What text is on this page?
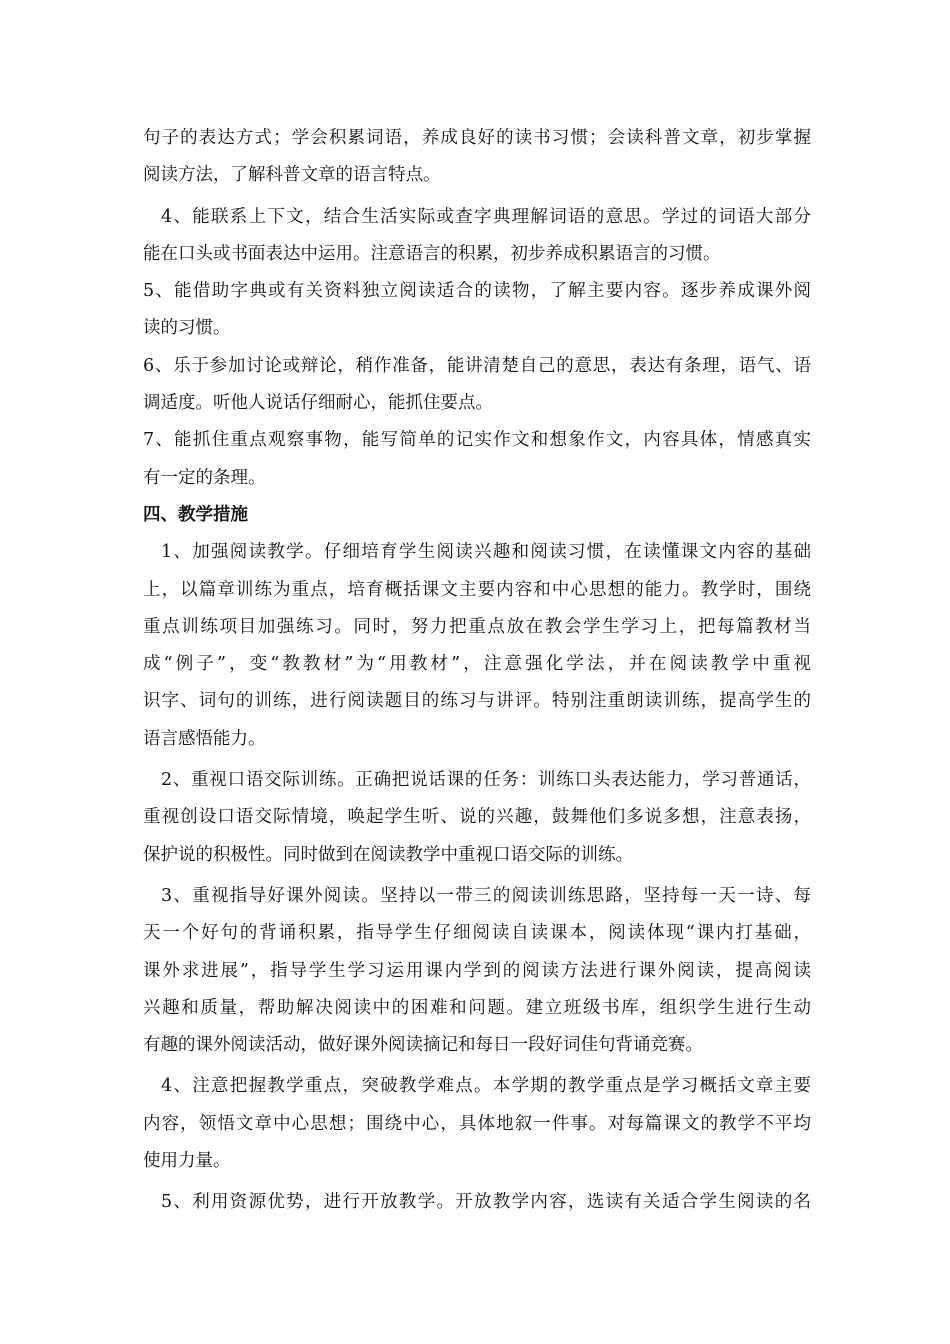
句子的表达方式；学会积累词语，养成良好的读书习惯；会读科普文章，初步掌握
阅读方法，了解科普文章的语言特点。
4、能联系上下文，结合生活实际或查字典理解词语的意思。学过的词语大部分
能在口头或书面表达中运用。注意语言的积累，初步养成积累语言的习惯。
5、能借助字典或有关资料独立阅读适合的读物，了解主要内容。逐步养成课外阅
读的习惯。
6、乐于参加讨论或辩论，稍作准备，能讲清楚自己的意思，表达有条理，语气、语
调适度。听他人说话仔细耐心，能抓住要点。
7、能抓住重点观察事物，能写简单的记实作文和想象作文，内容具体，情感真实
有一定的条理。
四、教学措施
1、加强阅读教学。仔细培育学生阅读兴趣和阅读习惯，在读懂课文内容的基础
上，以篇章训练为重点，培育概括课文主要内容和中心思想的能力。教学时，围绕
重点训练项目加强练习。同时，努力把重点放在教会学生学习上，把每篇教材当
成“例子”，变“教教材”为“用教材”，注意强化学法，并在阅读教学中重视
识字、词句的训练，进行阅读题目的练习与讲评。特别注重朗读训练，提高学生的
语言感悟能力。
2、重视口语交际训练。正确把说话课的任务：训练口头表达能力，学习普通话，
重视创设口语交际情境，唤起学生听、说的兴趣，鼓舞他们多说多想，注意表扬，
保护说的积极性。同时做到在阅读教学中重视口语交际的训练。
3、重视指导好课外阅读。坚持以一带三的阅读训练思路，坚持每一天一诗、每
天一个好句的背诵积累，指导学生仔细阅读自读课本，阅读体现“课内打基础，
课外求进展”，指导学生学习运用课内学到的阅读方法进行课外阅读，提高阅读
兴趣和质量，帮助解决阅读中的困难和问题。建立班级书库，组织学生进行生动
有趣的课外阅读活动，做好课外阅读摘记和每日一段好词佳句背诵竞赛。
4、注意把握教学重点，突破教学难点。本学期的教学重点是学习概括文章主要
内容，领悟文章中心思想；围绕中心，具体地叙一件事。对每篇课文的教学不平均
使用力量。
5、利用资源优势，进行开放教学。开放教学内容，选读有关适合学生阅读的名
